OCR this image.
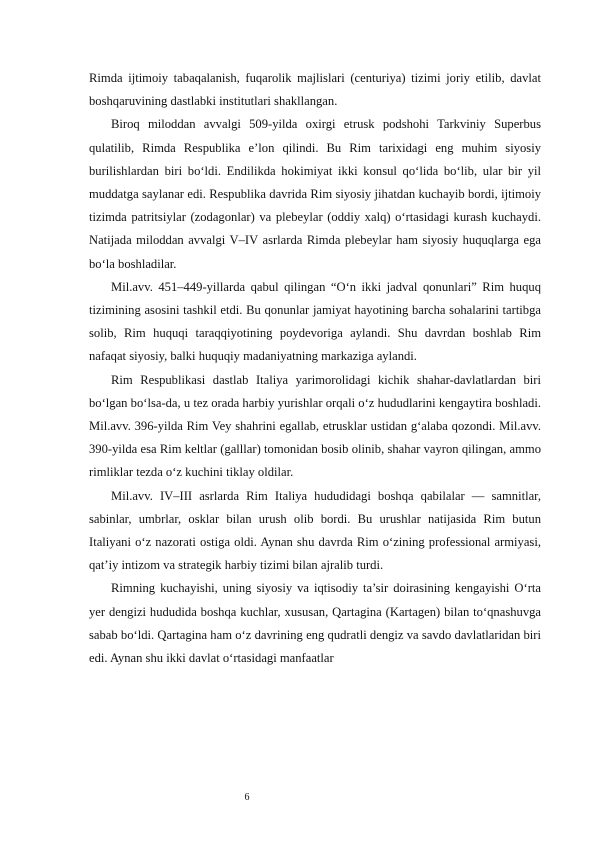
Rimda ijtimoiy tabaqalanish, fuqarolik majlislari (centuriya) tizimi joriy etilib, davlat boshqaruvining dastlabki institutlari shakllangan.

Biroq miloddan avvalgi 509-yilda oxirgi etrusk podshohi Tarkviniy Superbus qulatilib, Rimda Respublika e’lon qilindi. Bu Rim tarixidagi eng muhim siyosiy burilishlardan biri bo‘ldi. Endilikda hokimiyat ikki konsul qo‘lida bo‘lib, ular bir yil muddatga saylanar edi. Respublika davrida Rim siyosiy jihatdan kuchayib bordi, ijtimoiy tizimda patritsiylar (zodagonlar) va plebeylar (oddiy xalq) o‘rtasidagi kurash kuchaydi. Natijada miloddan avvalgi V–IV asrlarda Rimda plebeylar ham siyosiy huquqlarga ega bo‘la boshladilar.

Mil.avv. 451–449-yillarda qabul qilingan “O‘n ikki jadval qonunlari” Rim huquq tizimining asosini tashkil etdi. Bu qonunlar jamiyat hayotining barcha sohalarini tartibga solib, Rim huquqi taraqqiyotining poydevoriga aylandi. Shu davrdan boshlab Rim nafaqat siyosiy, balki huquqiy madaniyatning markaziga aylandi.

Rim Respublikasi dastlab Italiya yarimorolidagi kichik shahar-davlatlardan biri bo‘lgan bo‘lsa-da, u tez orada harbiy yurishlar orqali o‘z hududlarini kengaytira boshladi. Mil.avv. 396-yilda Rim Vey shahrini egallab, etrusklar ustidan g‘alaba qozondi. Mil.avv. 390-yilda esa Rim keltlar (galllar) tomonidan bosib olinib, shahar vayron qilingan, ammo rimliklar tezda o‘z kuchini tiklay oldilar.

Mil.avv. IV–III asrlarda Rim Italiya hududidagi boshqa qabilalar — samnitlar, sabinlar, umbrlar, osklar bilan urush olib bordi. Bu urushlar natijasida Rim butun Italiyani o‘z nazorati ostiga oldi. Aynan shu davrda Rim o‘zining professional armiyasi, qat’iy intizom va strategik harbiy tizimi bilan ajralib turdi.

Rimning kuchayishi, uning siyosiy va iqtisodiy ta’sir doirasining kengayishi O‘rta yer dengizi hududida boshqa kuchlar, xususan, Qartagina (Kartagen) bilan to‘qnashuvga sabab bo‘ldi. Qartagina ham o‘z davrining eng qudratli dengiz va savdo davlatlaridan biri edi. Aynan shu ikki davlat o‘rtasidagi manfaatlar

6
